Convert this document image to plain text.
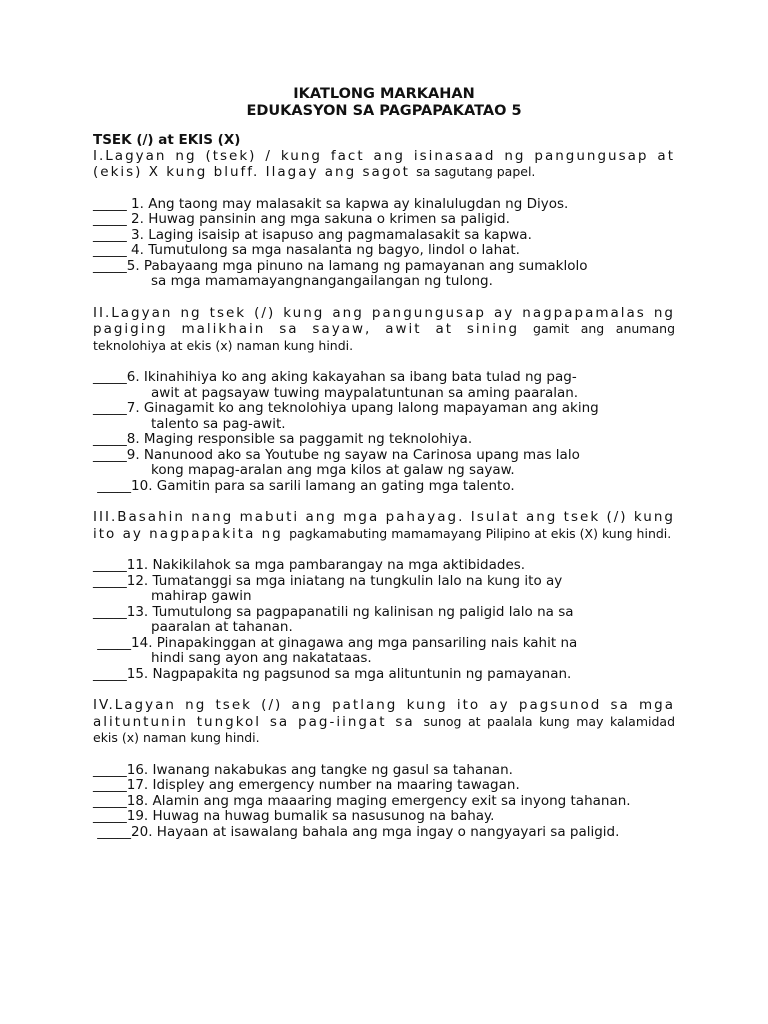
IKATLONG MARKAHAN
EDUKASYON SA PAGPAPAKATAO 5
TSEK (/) at EKIS (X)
I.Lagyan ng (tsek) / kung fact ang isinasaad ng pangungusap at (ekis) X kung bluff. Ilagay ang sagot sa sagutang papel.
_____ 1. Ang taong may malasakit sa kapwa ay kinalulugdan ng Diyos.
_____ 2. Huwag pansinin ang mga sakuna o krimen sa paligid.
_____ 3. Laging isaisip at isapuso ang pagmamalasakit sa kapwa.
_____ 4. Tumutulong sa mga nasalanta ng bagyo, lindol o lahat.
_____5. Pabayaang mga pinuno na lamang ng pamayanan ang sumaklolo
sa mga mamamayangnangangailangan ng tulong.
II.Lagyan ng tsek (/) kung ang pangungusap ay nagpapamalas ng pagiging malikhain sa sayaw, awit at sining gamit ang anumang teknolohiya at ekis (x) naman kung hindi.
_____6. Ikinahihiya ko ang aking kakayahan sa ibang bata tulad ng pag-
awit at pagsayaw tuwing maypalatuntunan sa aming paaralan.
_____7. Ginagamit ko ang teknolohiya upang lalong mapayaman ang aking
talento sa pag-awit.
_____8. Maging responsible sa paggamit ng teknolohiya.
_____9. Nanunood ako sa Youtube ng sayaw na Carinosa upang mas lalo
kong mapag-aralan ang mga kilos at galaw ng sayaw.
_____10. Gamitin para sa sarili lamang an gating mga talento.
III.Basahin nang mabuti ang mga pahayag. Isulat ang tsek (/) kung ito ay nagpapakita ng pagkamabuting mamamayang Pilipino at ekis (X) kung hindi.
_____11. Nakikilahok sa mga pambarangay na mga aktibidades.
_____12. Tumatanggi sa mga iniatang na tungkulin lalo na kung ito ay
mahirap gawin
_____13. Tumutulong sa pagpapanatili ng kalinisan ng paligid lalo na sa
paaralan at tahanan.
_____14. Pinapakinggan at ginagawa ang mga pansariling nais kahit na
hindi sang ayon ang nakatataas.
_____15. Nagpapakita ng pagsunod sa mga alituntunin ng pamayanan.
IV.Lagyan ng tsek (/) ang patlang kung ito ay pagsunod sa mga alituntunin tungkol sa pag-iingat sa sunog at paalala kung may kalamidad ekis (x) naman kung hindi.
_____16. Iwanang nakabukas ang tangke ng gasul sa tahanan.
_____17. Idispley ang emergency number na maaring tawagan.
_____18. Alamin ang mga maaaring maging emergency exit sa inyong tahanan.
_____19. Huwag na huwag bumalik sa nasusunog na bahay.
_____20. Hayaan at isawalang bahala ang mga ingay o nangyayari sa paligid.
